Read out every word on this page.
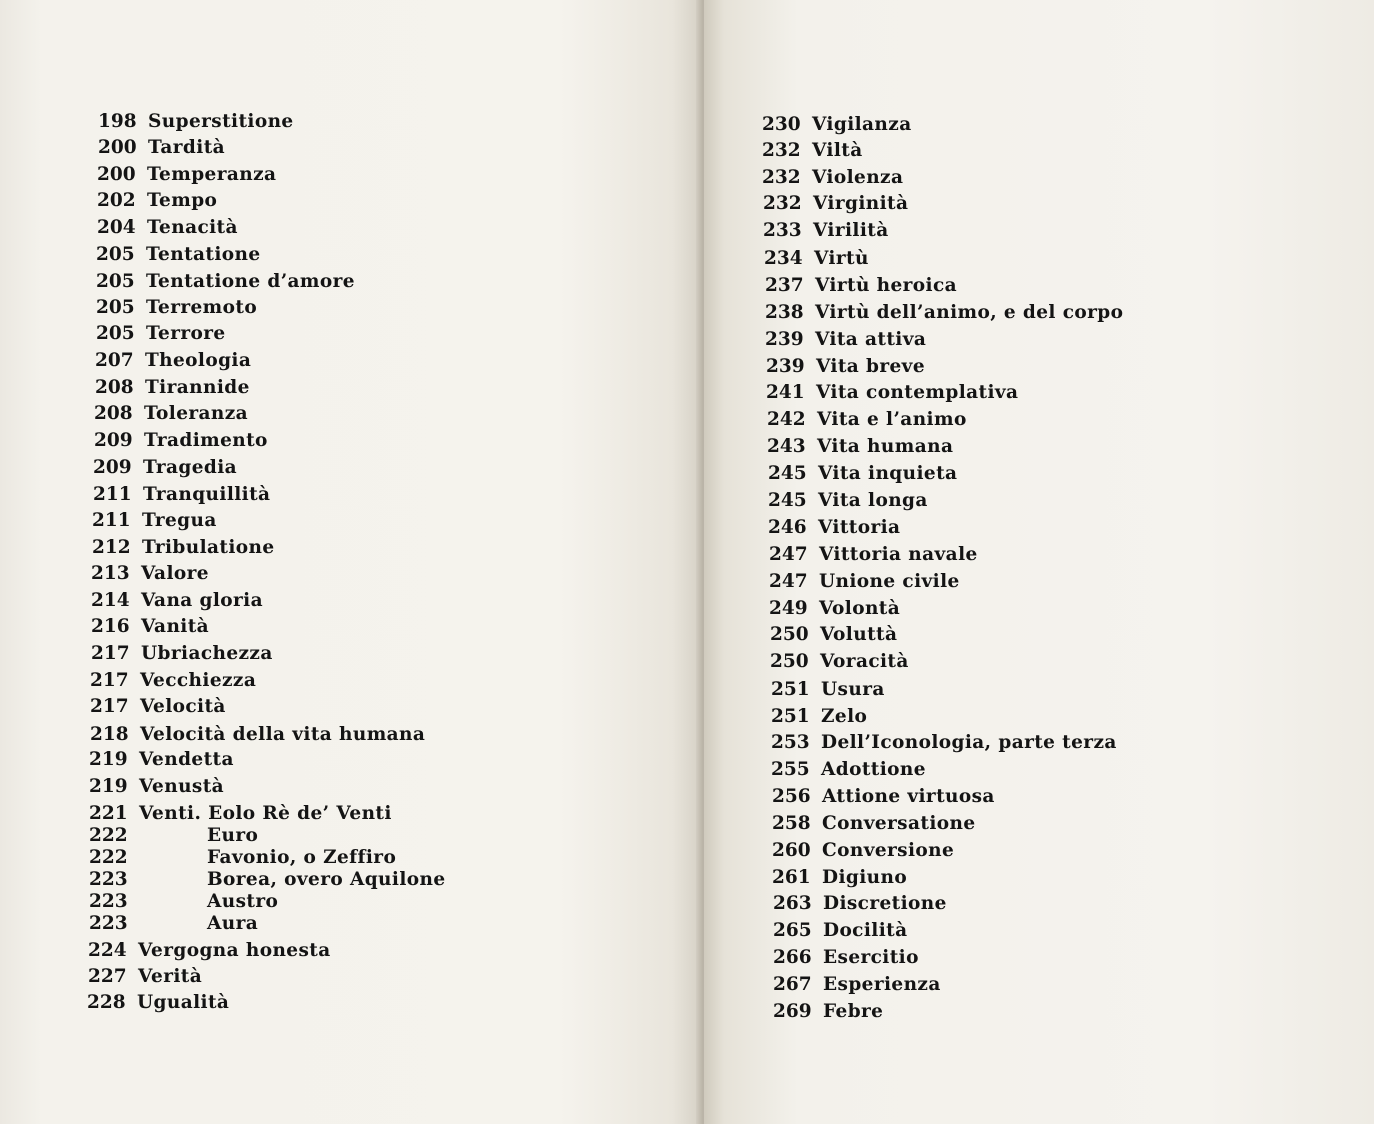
198 Superstitione
200 Tardità
200 Temperanza
202 Tempo
204 Tenacità
205 Tentatione
205 Tentatione d’amore
205 Terremoto
205 Terrore
207 Theologia
208 Tirannide
208 Toleranza
209 Tradimento
209 Tragedia
211 Tranquillità
211 Tregua
212 Tribulatione
213 Valore
214 Vana gloria
216 Vanità
217 Ubriachezza
217 Vecchiezza
217 Velocità
218 Velocità della vita humana
219 Vendetta
219 Venustà
221 Venti. Eolo Rè de’ Venti
222	Euro
222	Favonio, o Zeffiro
223	Borea, overo Aquilone
223	Austro
223	Aura
224 Vergogna honesta
227 Verità
228 Ugualità
230 Vigilanza
232 Viltà
232 Violenza
232 Virginità
233 Virilità
234 Virtù
237 Virtù heroica
238 Virtù dell’animo, e del corpo
239 Vita attiva
239 Vita breve
241 Vita contemplativa
242 Vita e l’animo
243 Vita humana
245 Vita inquieta
245 Vita longa
246 Vittoria
247 Vittoria navale
247 Unione civile
249 Volontà
250 Voluttà
250 Voracità
251 Usura
251 Zelo
253 Dell’Iconologia, parte terza
255 Adottione
256 Attione virtuosa
258 Conversatione
260 Conversione
261 Digiuno
263 Discretione
265 Docilità
266 Esercitio
267 Esperienza
269 Febre
